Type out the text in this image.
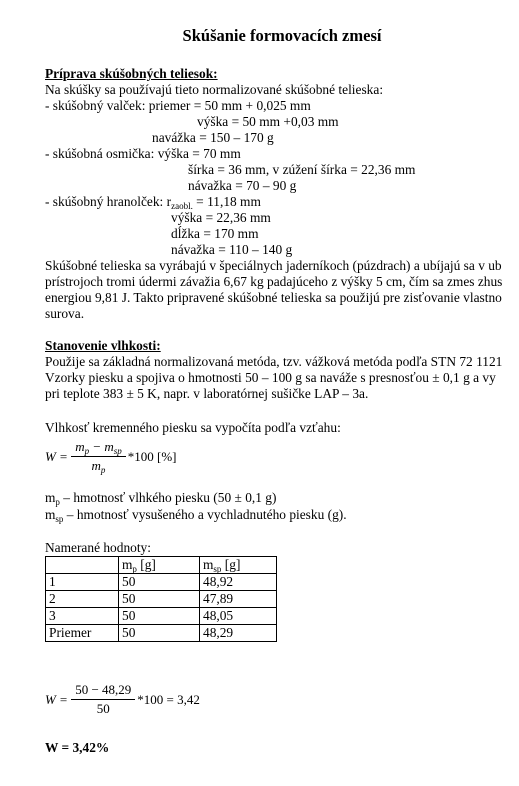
Skúšanie formovacích zmesí
Príprava skúšobných teliesok:
Na skúšky sa používajú tieto normalizované skúšobné telieska:
- skúšobný valček: priemer = 50 mm + 0,025 mm
výška = 50 mm +0,03 mm
navážka = 150 – 170 g
- skúšobná osmička: výška = 70 mm
šírka = 36 mm, v zúžení šírka = 22,36 mm
návažka = 70 – 90 g
- skúšobný hranolček: $r_{zaobl.} = 11,18$ mm
výška = 22,36 mm
dĺžka = 170 mm
návažka = 110 – 140 g
Skúšobné telieska sa vyrábajú v špeciálnych jaderníkoch (púzdrach) a ubíjajú sa v ub
prístrojoch tromi údermi závažia 6,67 kg padajúceho z výšky 5 cm, čím sa zmes zhus
energiou 9,81 J. Takto pripravené skúšobné telieska sa použijú pre zisťovanie vlastno
surova.
Stanovenie vlhkosti:
Použije sa základná normalizovaná metóda, tzv. vážková metóda podľa STN 72 1121
Vzorky piesku a spojiva o hmotnosti 50 – 100 g sa naváže s presnosťou ± 0,1 g a vy
pri teplote 383 ± 5 K, napr. v laboratórnej sušičke LAP – 3a.
Vlhkosť kremenného piesku sa vypočíta podľa vzťahu:
$W = \frac{m_p - m_{sp}}{m_p} *100$ [%]
$m_p$ – hmotnosť vlhkého piesku (50 ± 0,1 g)
$m_{sp}$ – hmotnosť vysušeného a vychladnutého piesku (g).
Namerané hodnoty:
	$m_p$ [g]	$m_{sp}$ [g]
1	50	48,92
2	50	47,89
3	50	48,05
Priemer	50	48,29
$W = \frac{50 - 48,29}{50} *100 = 3,42$
W = 3,42%
